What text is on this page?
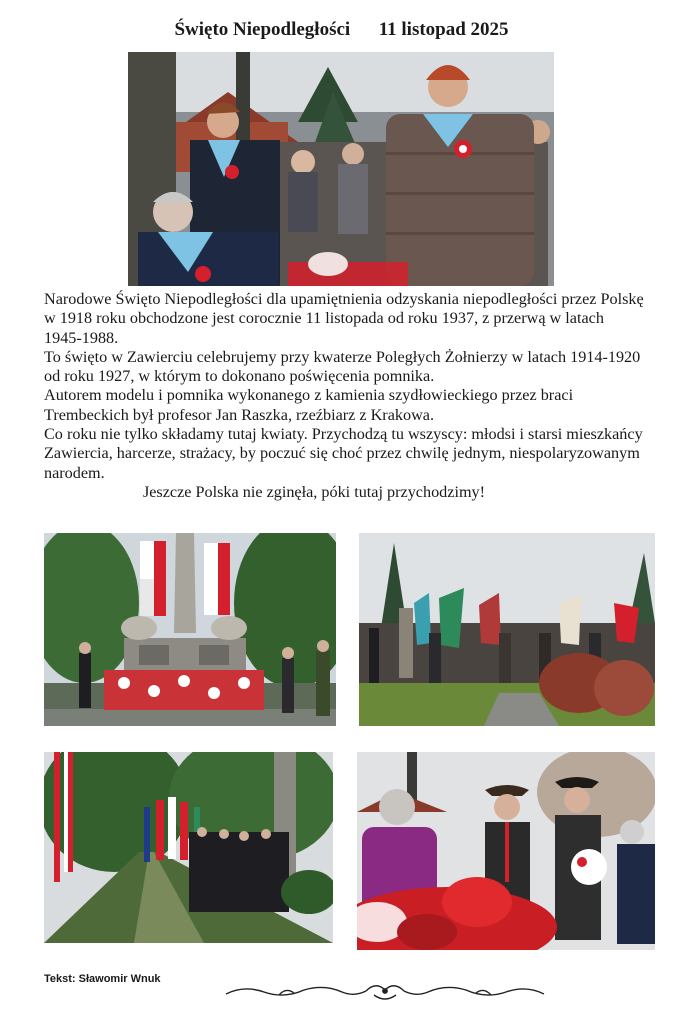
Święto Niepodległości 11 listopad 2025

Narodowe Święto Niepodległości dla upamiętnienia odzyskania niepodległości przez Polskę w 1918 roku obchodzone jest corocznie 11 listopada od roku 1937, z przerwą w latach 1945-1988.

To święto w Zawierciu celebrujemy przy kwaterze Poległych Żołnierzy w latach 1914-1920 od roku 1927, w którym to dokonano poświęcenia pomnika.

Autorem modelu i pomnika wykonanego z kamienia szydłowieckiego przez braci Trembeckich był profesor Jan Raszka, rzeźbiarz z Krakowa.

Co roku nie tylko składamy tutaj kwiaty. Przychodzą tu wszyscy: młodsi i starsi mieszkańcy Zawiercia, harcerze, strażacy, by poczuć się choć przez chwilę jednym, niespolaryzowanym narodem.

Jeszcze Polska nie zginęła, póki tutaj przychodzimy!

Tekst: Sławomir Wnuk
